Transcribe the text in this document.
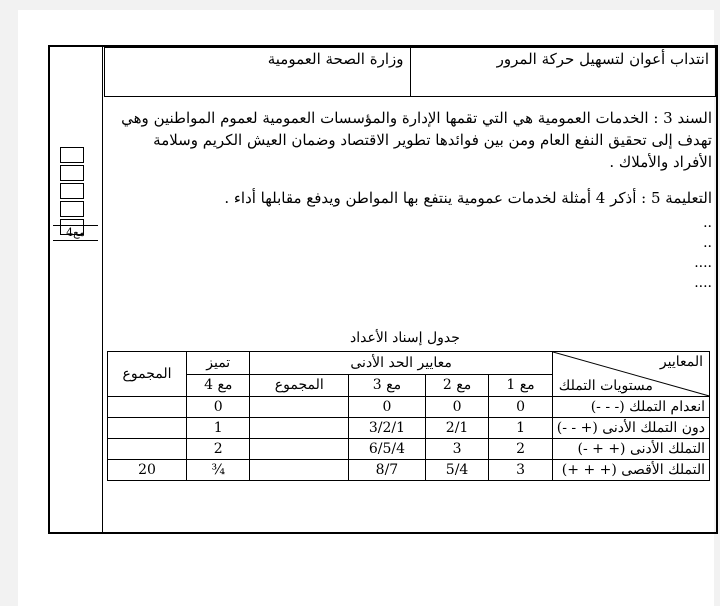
مع4
انتداب أعوان لتسهيل حركة المرور	وزارة الصحة العمومية

السند 3 : الخدمات العمومية هي التي تقمها الإدارة والمؤسسات العمومية لعموم المواطنين وهي تهدف إلى تحقيق النفع العام ومن بين فوائدها تطوير الاقتصاد وضمان العيش الكريم وسلامة الأفراد والأملاك .

التعليمة 5 : أذكر 4 أمثلة لخدمات عمومية ينتفع بها المواطن ويدفع مقابلها أداء .

..
..
....
....
جدول إسناد الأعداد
المعايير
مستويات التملك	معايير الحد الأدنى				تميز	المجموع
	مع 1	مع 2	مع 3	المجموع	مع 4	
انعدام التملك (- - -)	0	0	0		0	
دون التملك الأدنى (+ - -)	1	2/1	3/2/1		1	
التملك الأدنى (+ + -)	2	3	6/5/4		2	
التملك الأقصى (+ + +)	3	5/4	8/7		¾	20
